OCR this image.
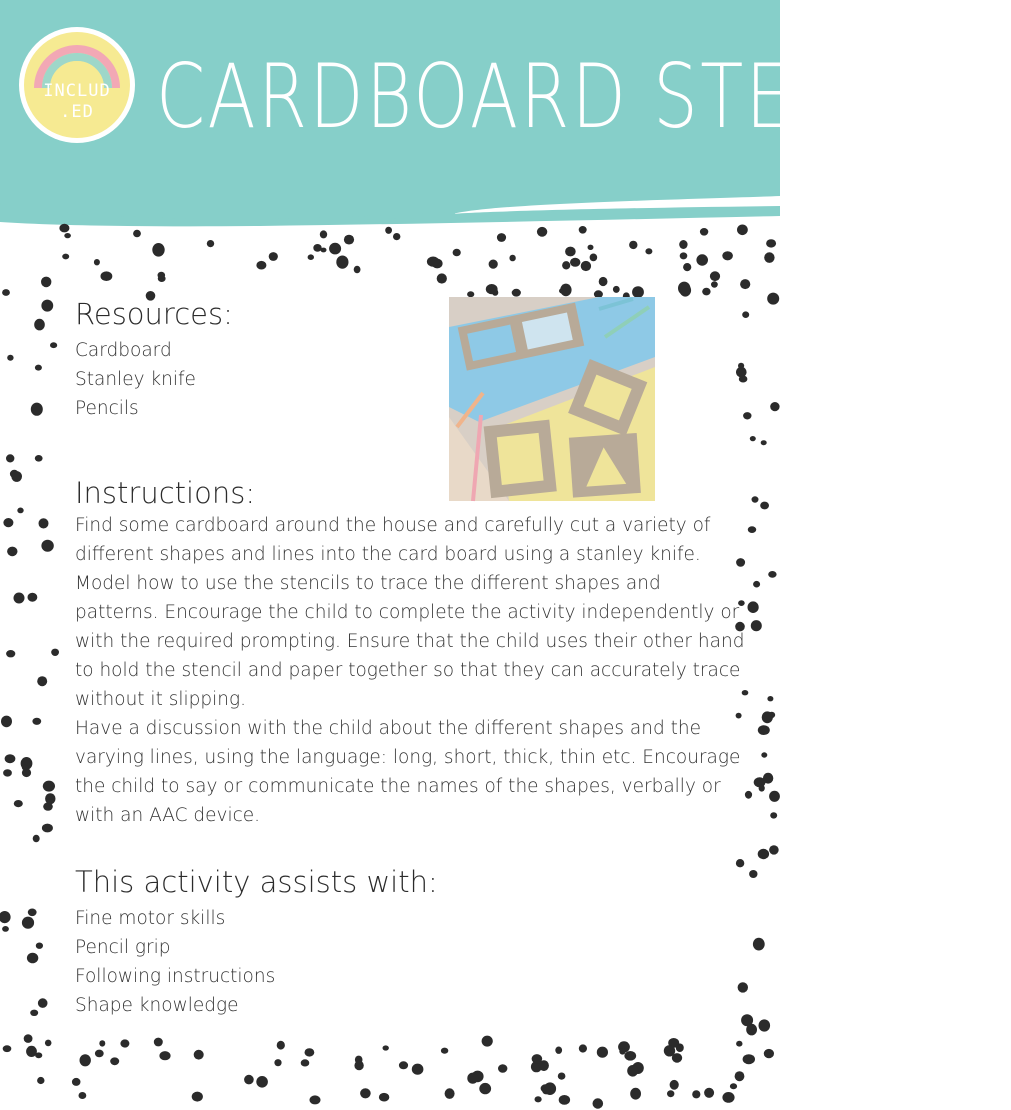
INCLUD
.ED CARDBOARD STENCILS
Resources:

Cardboard

Stanley knife

Pencils

Instructions:

Find some cardboard around the house and carefully cut a variety of different shapes and lines into the card board using a stanley knife. Model how to use the stencils to trace the different shapes and patterns. Encourage the child to complete the activity independently or with the required prompting. Ensure that the child uses their other hand to hold the stencil and paper together so that they can accurately trace without it slipping.

Have a discussion with the child about the different shapes and the varying lines, using the language: long, short, thick, thin etc. Encourage the child to say or communicate the names of the shapes, verbally or with an AAC device.

This activity assists with:

Fine motor skills

Pencil grip

Following instructions

Shape knowledge
